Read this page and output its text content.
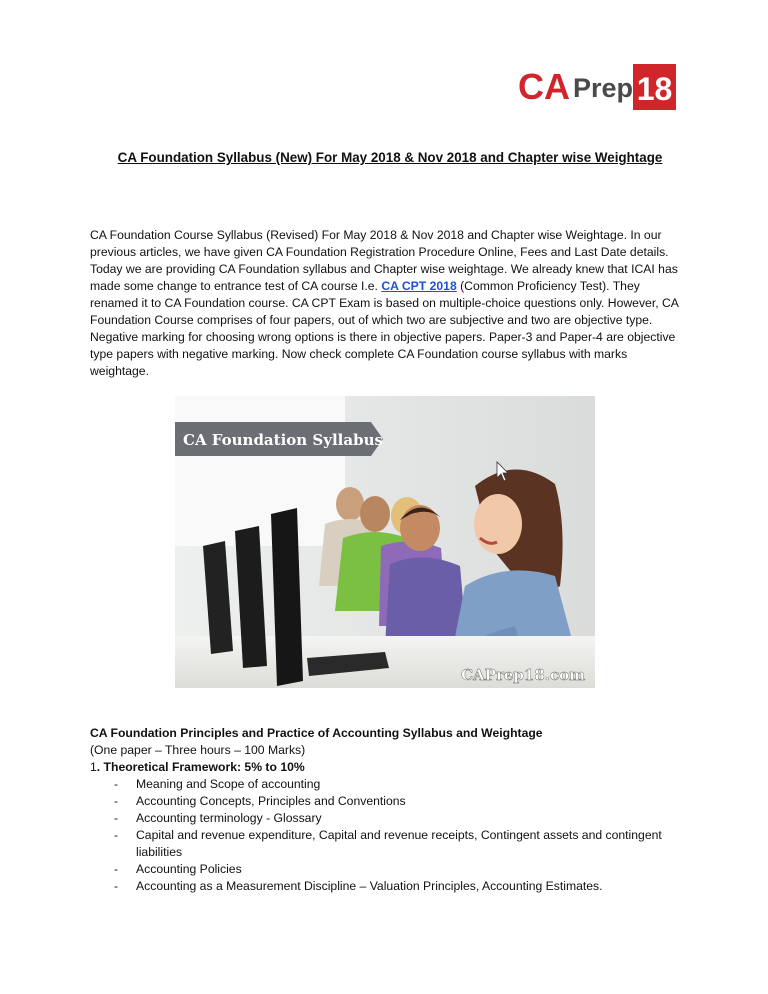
CA Prep 18
CA Foundation Syllabus (New) For May 2018 & Nov 2018 and Chapter wise Weightage

CA Foundation Course Syllabus (Revised) For May 2018 & Nov 2018 and Chapter wise Weightage. In our previous articles, we have given CA Foundation Registration Procedure Online, Fees and Last Date details. Today we are providing CA Foundation syllabus and Chapter wise weightage. We already knew that ICAI has made some change to entrance test of CA course I.e. CA CPT 2018 (Common Proficiency Test). They renamed it to CA Foundation course. CA CPT Exam is based on multiple-choice questions only. However, CA Foundation Course comprises of four papers, out of which two are subjective and two are objective type. Negative marking for choosing wrong options is there in objective papers. Paper-3 and Paper-4 are objective type papers with negative marking. Now check complete CA Foundation course syllabus with marks weightage.

CA Foundation Syllabus
CAPrep18.com
CA Foundation Principles and Practice of Accounting Syllabus and Weightage
(One paper – Three hours – 100 Marks)
1. Theoretical Framework: 5% to 10%
- Meaning and Scope of accounting
- Accounting Concepts, Principles and Conventions
- Accounting terminology - Glossary
- Capital and revenue expenditure, Capital and revenue receipts, Contingent assets and contingent liabilities
- Accounting Policies
- Accounting as a Measurement Discipline – Valuation Principles, Accounting Estimates.
